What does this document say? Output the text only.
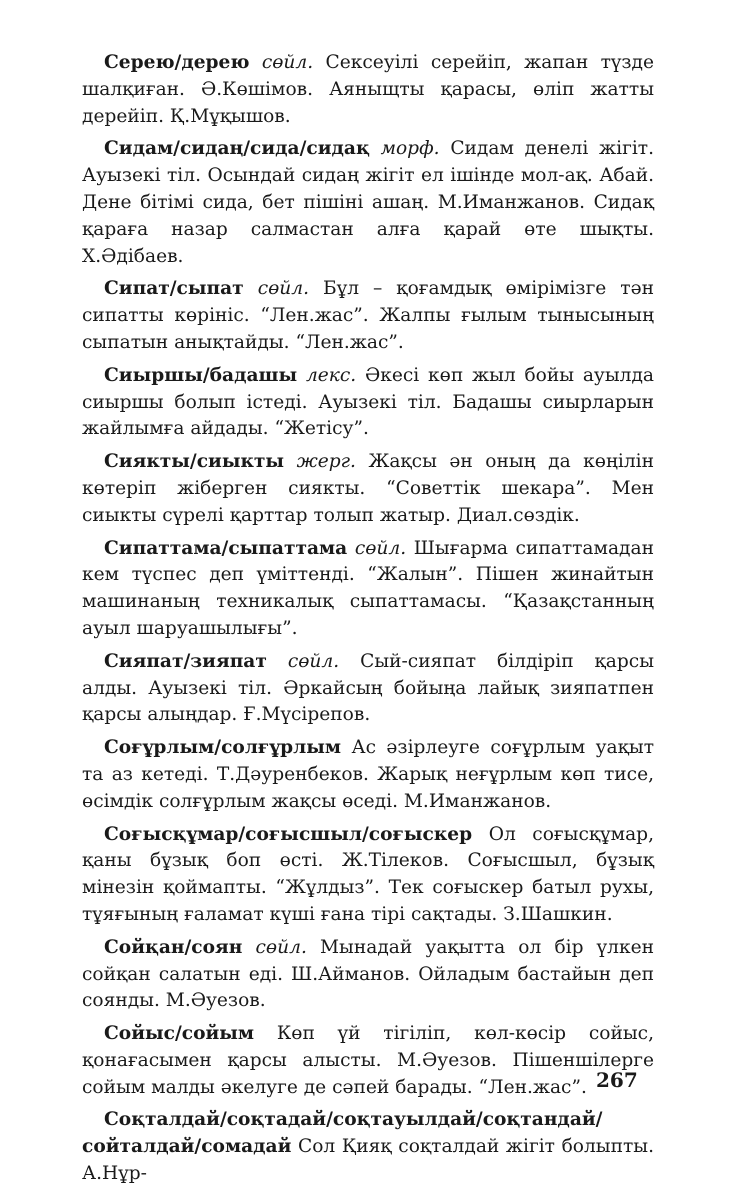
Серею/дерею сөйл. Сексеуілі серейіп, жапан түзде шалқиған. Ә.Көшімов. Аяныщты қарасы, өліп жатты дерейіп. Қ.Мұқышов.

Сидам/сидаң/сида/сидақ морф. Сидам денелі жігіт. Ауызекі тіл. Осындай сидаң жігіт ел ішінде мол-ақ. Абай. Дене бітімі сида, бет пішіні ашаң. М.Иманжанов. Сидақ қараға назар салмастан алға қарай өте шықты. Х.Әдібаев.

Сипат/сыпат сөйл. Бұл – қоғамдық өмірімізге тән сипатты көрініс. “Лен.жас”. Жалпы ғылым тынысының сыпатын анықтайды. “Лен.жас”.

Сиыршы/бадашы лекс. Әкесі көп жыл бойы ауылда сиыршы болып істеді. Ауызекі тіл. Бадашы сиырларын жайлымға айдады. “Жетісу”.

Сиякты/сиыкты жерг. Жақсы ән оның да көңілін көтеріп жіберген сиякты. “Советтік шекара”. Мен сиыкты сүрелі қарттар толып жатыр. Диал.сөздік.

Сипаттама/сыпаттама сөйл. Шығарма сипаттамадан кем түспес деп үміттенді. “Жалын”. Пішен жинайтын машинаның техникалық сыпаттамасы. “Қазақстанның ауыл шаруашылығы”.

Сияпат/зияпат сөйл. Сый-сияпат білдіріп қарсы алды. Ауызекі тіл. Әркайсың бойыңа лайық зияпатпен қарсы алыңдар. Ғ.Мүсірепов.

Соғұрлым/солғұрлым Ас әзірлеуге соғұрлым уақыт та аз кетеді. Т.Дәуренбеков. Жарық неғұрлым көп тисе, өсімдік солғұрлым жақсы өседі. М.Иманжанов.

Соғысқұмар/соғысшыл/соғыскер Ол соғысқұмар, қаны бұзық боп өсті. Ж.Тілеков. Соғысшыл, бұзық мінезін қоймапты. “Жұлдыз”. Тек соғыскер батыл рухы, тұяғының ғаламат күші ғана тірі сақтады. З.Шашкин.

Сойқан/соян сөйл. Мынадай уақытта ол бір үлкен сойқан салатын еді. Ш.Айманов. Ойладым бастайын деп соянды. М.Әуезов.

Сойыс/сойым Көп үй тігіліп, көл-көсір сойыс, қонағасымен қарсы алысты. М.Әуезов. Пішеншілерге сойым малды әкелуге де сәпей барады. “Лен.жас”.

Соқталдай/соқтадай/соқтауылдай/соқтандай/сойталдай/сомадай Сол Қияқ соқталдай жігіт болыпты. А.Нұр-

267
